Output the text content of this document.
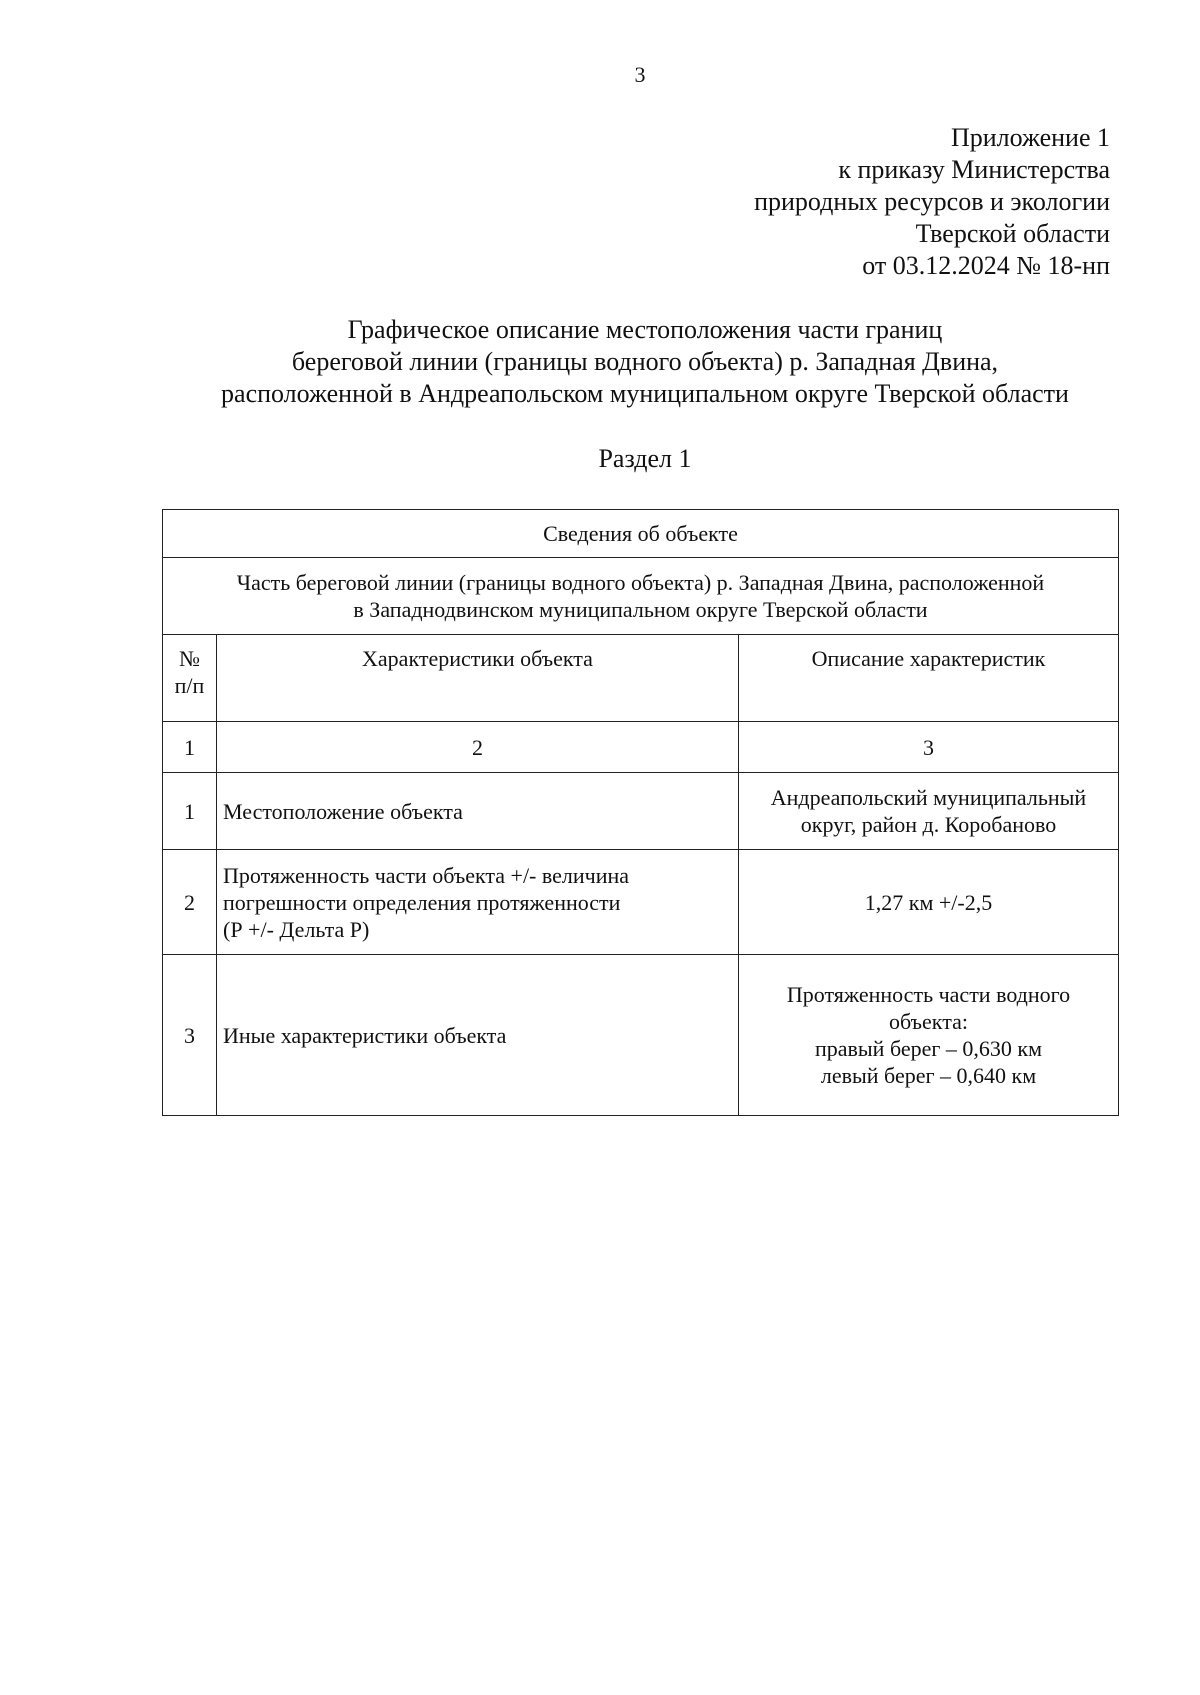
3
Приложение 1
к приказу Министерства
природных ресурсов и экологии
Тверской области
от 03.12.2024 № 18-нп
Графическое описание местоположения части границ
береговой линии (границы водного объекта) р. Западная Двина,
расположенной в Андреапольском муниципальном округе Тверской области
Раздел 1
Сведения об объекте		

Часть береговой линии (границы водного объекта) р. Западная Двина, расположенной
в Западнодвинском муниципальном округе Тверской области		

№ п/п	Характеристики объекта	Описание характеристик
1	2	3
1	Местоположение объекта	Андреапольский муниципальный
округ, район д. Коробаново

2	Протяженность части объекта +/- величина
погрешности определения протяженности
(Р +/- Дельта Р)	1,27 км +/-2,5
3	Иные характеристики объекта	Протяженность части водного
объекта:
правый берег – 0,630 км
левый берег – 0,640 км
